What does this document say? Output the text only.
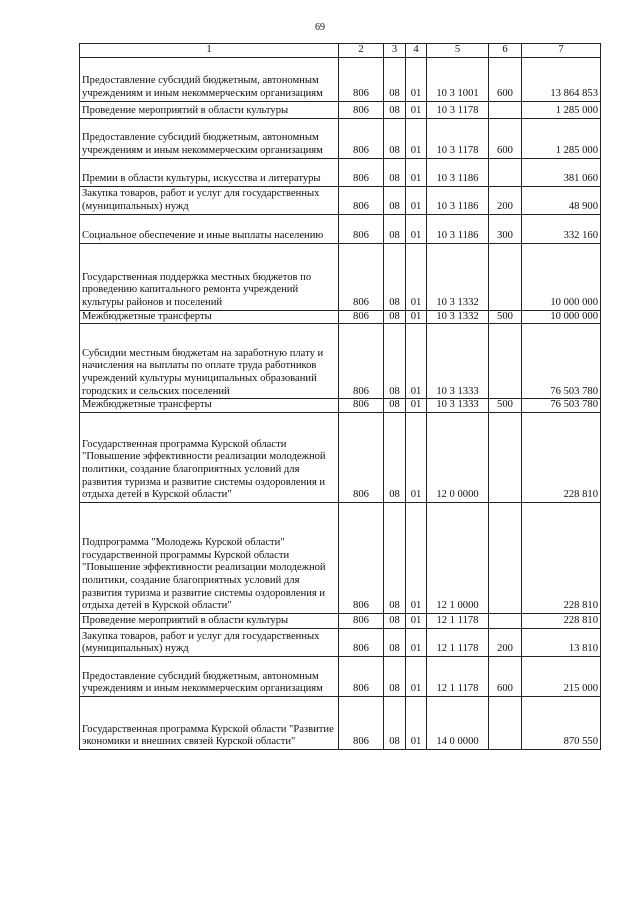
69
1	2	3	4	5	6	7
Предоставление субсидий бюджетным, автономным учреждениям и иным некоммерческим организациям	806	08	01	10 3 1001	600	13 864 853
Проведение мероприятий в области культуры	806	08	01	10 3 1178		1 285 000
Предоставление субсидий бюджетным, автономным учреждениям и иным некоммерческим организациям	806	08	01	10 3 1178	600	1 285 000
Премии в области культуры, искусства и литературы	806	08	01	10 3 1186		381 060
Закупка товаров, работ и услуг для государственных (муниципальных) нужд	806	08	01	10 3 1186	200	48 900
Социальное обеспечение и иные выплаты населению	806	08	01	10 3 1186	300	332 160
Государственная поддержка местных бюджетов по проведению капитального ремонта учреждений культуры районов и поселений	806	08	01	10 3 1332		10 000 000
Межбюджетные трансферты	806	08	01	10 3 1332	500	10 000 000
Субсидии местным бюджетам на заработную плату и начисления на выплаты по оплате труда работников учреждений культуры муниципальных образований городских и сельских поселений	806	08	01	10 3 1333		76 503 780
Межбюджетные трансферты	806	08	01	10 3 1333	500	76 503 780
Государственная программа Курской области "Повышение эффективности реализации молодежной политики, создание благоприятных условий для развития туризма и развитие системы оздоровления и отдыха детей в Курской области"	806	08	01	12 0 0000		228 810
Подпрограмма "Молодежь Курской области" государственной программы Курской области "Повышение эффективности реализации молодежной политики, создание благоприятных условий для развития туризма и развитие системы оздоровления и отдыха детей в Курской области"	806	08	01	12 1 0000		228 810
Проведение мероприятий в области культуры	806	08	01	12 1 1178		228 810
Закупка товаров, работ и услуг для государственных (муниципальных) нужд	806	08	01	12 1 1178	200	13 810
Предоставление субсидий бюджетным, автономным учреждениям и иным некоммерческим организациям	806	08	01	12 1 1178	600	215 000
Государственная программа Курской области "Развитие экономики и внешних связей Курской области"	806	08	01	14 0 0000		870 550
